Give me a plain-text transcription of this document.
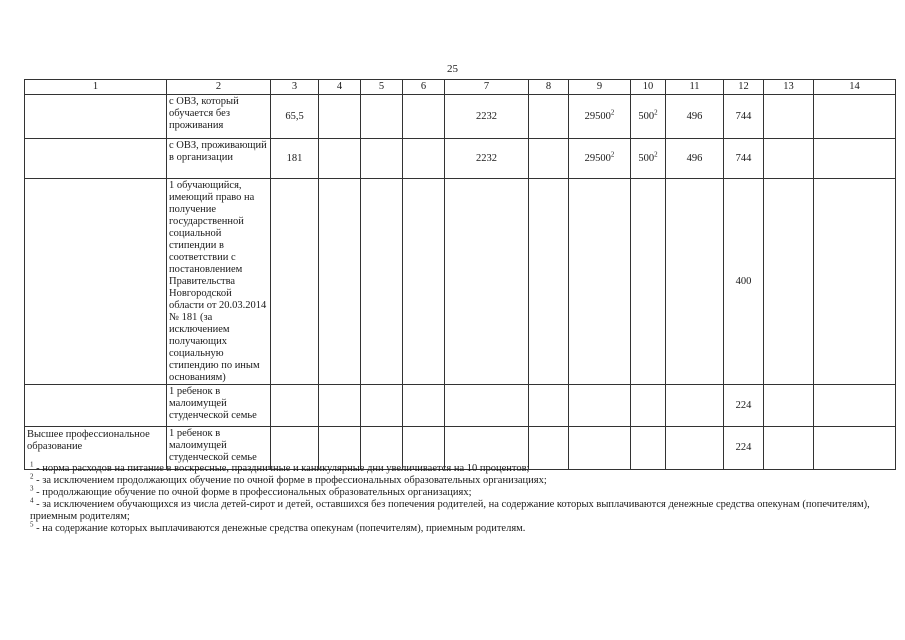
25
1	2	3	4	5	6	7	8	9	10	11	12	13	14
	с ОВЗ, который обучается без проживания	65,5				2232		29500$^2$	$500^2$	496	744		
	с ОВЗ, проживающий в организации	181				2232		29500$^2$	$500^2$	496	744		
	1 обучающийся, имеющий право на получение государственной социальной стипендии в соответствии с постановлением Правительства Новгородской области от 20.03.2014 № 181 (за исключением получающих социальную стипендию по иным основаниям)										400		
	1 ребенок в малоимущей студенческой семье										224		
Высшее профессиональное образование	1 ребенок в малоимущей студенческой семье										224		
$^1$ - норма расходов на питание в воскресные, праздничные и каникулярные дни увеличивается на 10 процентов;
$^2$ - за исключением продолжающих обучение по очной форме в профессиональных образовательных организациях;
$^3$ - продолжающие обучение по очной форме в профессиональных образовательных организациях;
$^4$ - за исключением обучающихся из числа детей-сирот и детей, оставшихся без попечения родителей, на содержание которых выплачиваются денежные средства опекунам (попечителям), приемным родителям;
$^5$ - на содержание которых выплачиваются денежные средства опекунам (попечителям), приемным родителям.
